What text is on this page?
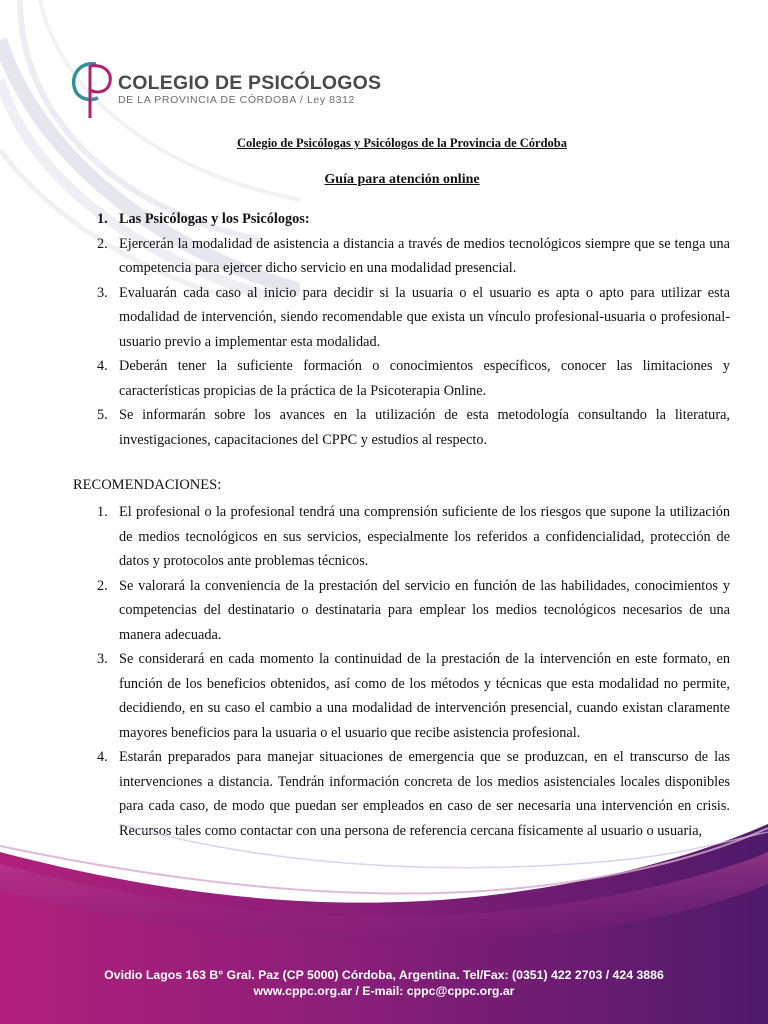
COLEGIO DE PSICÓLOGOS
DE LA PROVINCIA DE CÓRDOBA / Ley 8312
Colegio de Psicólogas y Psicólogos de la Provincia de Córdoba
Guía para atención online
1. Las Psicólogas y los Psicólogos:
2. Ejercerán la modalidad de asistencia a distancia a través de medios tecnológicos siempre que se tenga una competencia para ejercer dicho servicio en una modalidad presencial.
3. Evaluarán cada caso al inicio para decidir si la usuaria o el usuario es apta o apto para utilizar esta modalidad de intervención, siendo recomendable que exista un vínculo profesional-usuaria o profesional-usuario previo a implementar esta modalidad.
4. Deberán tener la suficiente formación o conocimientos específicos, conocer las limitaciones y características propicias de la práctica de la Psicoterapia Online.
5. Se informarán sobre los avances en la utilización de esta metodología consultando la literatura, investigaciones, capacitaciones del CPPC y estudios al respecto.
RECOMENDACIONES:
1. El profesional o la profesional tendrá una comprensión suficiente de los riesgos que supone la utilización de medios tecnológicos en sus servicios, especialmente los referidos a confidencialidad, protección de datos y protocolos ante problemas técnicos.
2. Se valorará la conveniencia de la prestación del servicio en función de las habilidades, conocimientos y competencias del destinatario o destinataria para emplear los medios tecnológicos necesarios de una manera adecuada.
3. Se considerará en cada momento la continuidad de la prestación de la intervención en este formato, en función de los beneficios obtenidos, así como de los métodos y técnicas que esta modalidad no permite, decidiendo, en su caso el cambio a una modalidad de intervención presencial, cuando existan claramente mayores beneficios para la usuaria o el usuario que recibe asistencia profesional.
4. Estarán preparados para manejar situaciones de emergencia que se produzcan, en el transcurso de las intervenciones a distancia. Tendrán información concreta de los medios asistenciales locales disponibles para cada caso, de modo que puedan ser empleados en caso de ser necesaria una intervención en crisis. Recursos tales como contactar con una persona de referencia cercana físicamente al usuario o usuaria,
Ovidio Lagos 163 B° Gral. Paz (CP 5000) Córdoba, Argentina. Tel/Fax: (0351) 422 2703 / 424 3886
www.cppc.org.ar / E-mail: cppc@cppc.org.ar
